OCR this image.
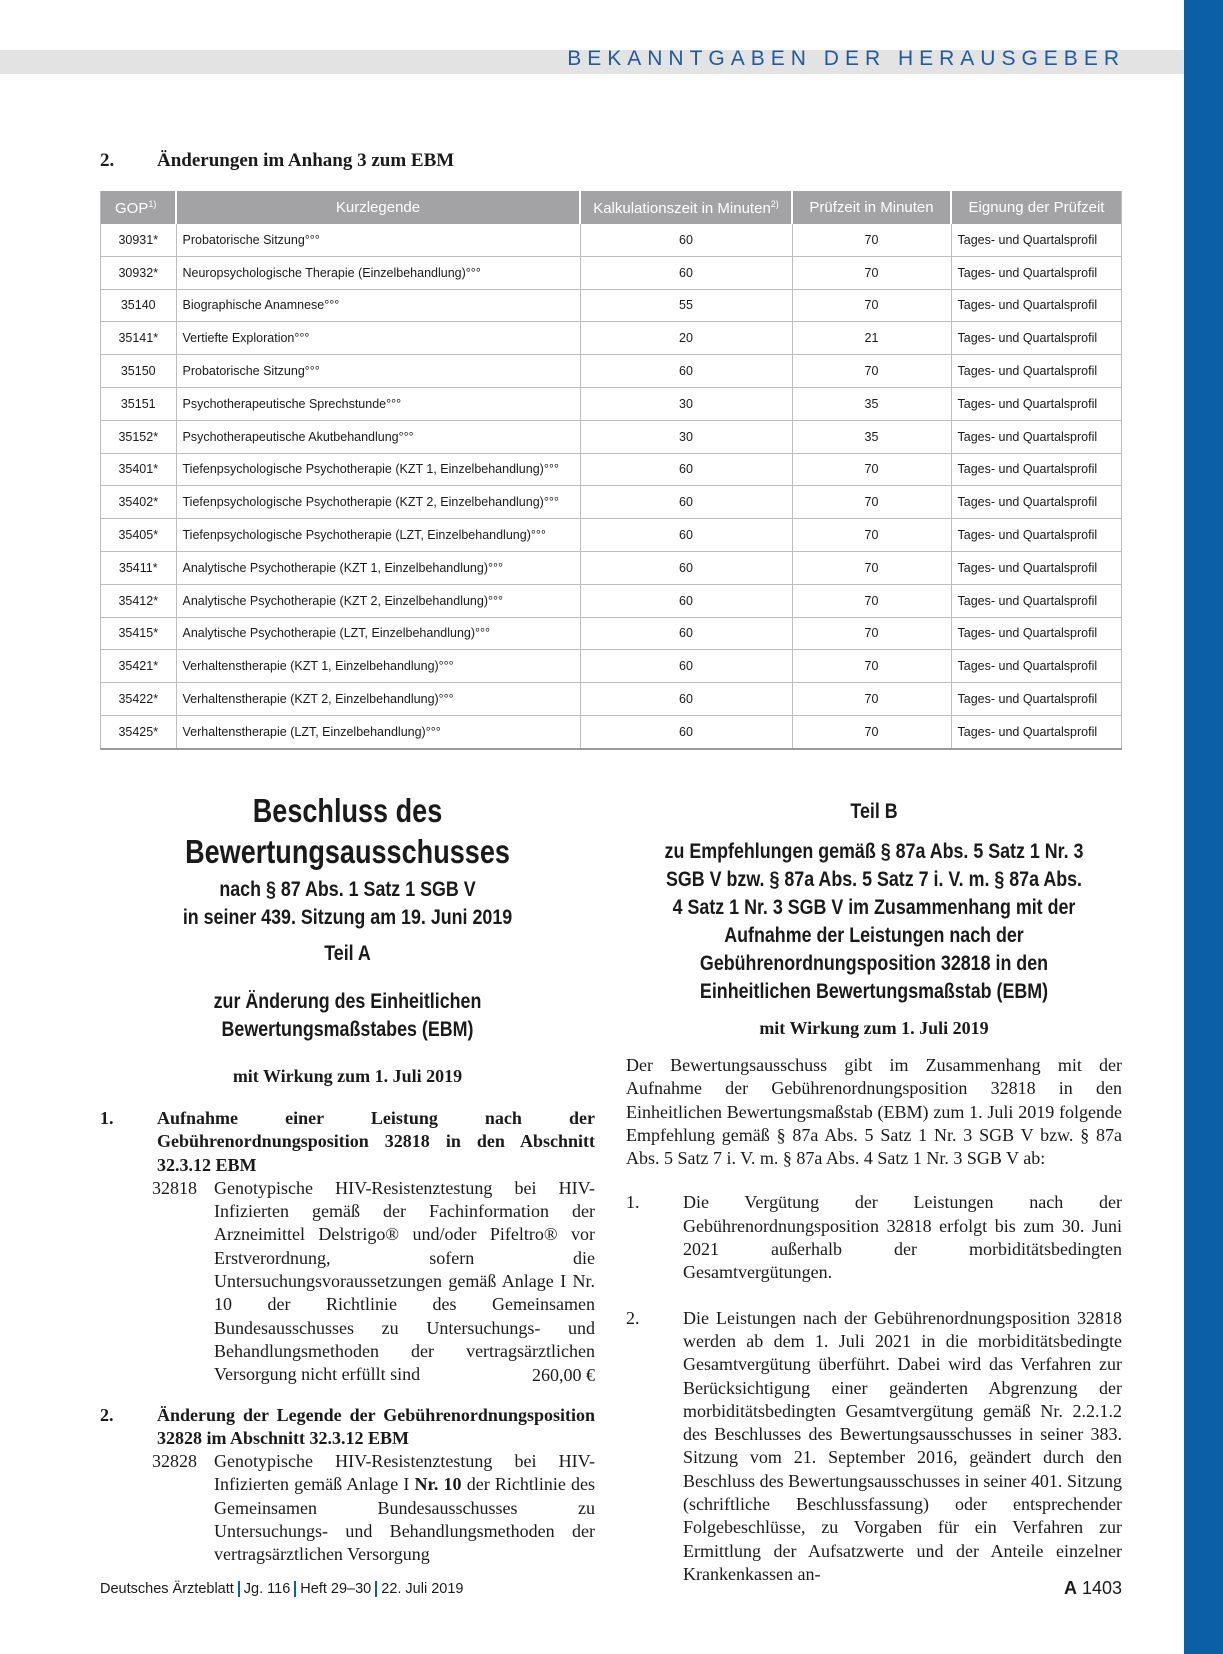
BEKANNTGABEN DER HERAUSGEBER
2. Änderungen im Anhang 3 zum EBM
GOP$^{1)}$	Kurzlegende	Kalkulationszeit in Minuten$^{2)}$	Prüfzeit in Minuten	Eignung der Prüfzeit
30931*	Probatorische Sitzung°°°	60	70	Tages- und Quartalsprofil
30932*	Neuropsychologische Therapie (Einzelbehandlung)°°°	60	70	Tages- und Quartalsprofil
35140	Biographische Anamnese°°°	55	70	Tages- und Quartalsprofil
35141*	Vertiefte Exploration°°°	20	21	Tages- und Quartalsprofil
35150	Probatorische Sitzung°°°	60	70	Tages- und Quartalsprofil
35151	Psychotherapeutische Sprechstunde°°°	30	35	Tages- und Quartalsprofil
35152*	Psychotherapeutische Akutbehandlung°°°	30	35	Tages- und Quartalsprofil
35401*	Tiefenpsychologische Psychotherapie (KZT 1, Einzelbehandlung)°°°	60	70	Tages- und Quartalsprofil
35402*	Tiefenpsychologische Psychotherapie (KZT 2, Einzelbehandlung)°°°	60	70	Tages- und Quartalsprofil
35405*	Tiefenpsychologische Psychotherapie (LZT, Einzelbehandlung)°°°	60	70	Tages- und Quartalsprofil
35411*	Analytische Psychotherapie (KZT 1, Einzelbehandlung)°°°	60	70	Tages- und Quartalsprofil
35412*	Analytische Psychotherapie (KZT 2, Einzelbehandlung)°°°	60	70	Tages- und Quartalsprofil
35415*	Analytische Psychotherapie (LZT, Einzelbehandlung)°°°	60	70	Tages- und Quartalsprofil
35421*	Verhaltenstherapie (KZT 1, Einzelbehandlung)°°°	60	70	Tages- und Quartalsprofil
35422*	Verhaltenstherapie (KZT 2, Einzelbehandlung)°°°	60	70	Tages- und Quartalsprofil
35425*	Verhaltenstherapie (LZT, Einzelbehandlung)°°°	60	70	Tages- und Quartalsprofil
Beschluss des
Bewertungsausschusses
nach § 87 Abs. 1 Satz 1 SGB V
in seiner 439. Sitzung am 19. Juni 2019
Teil A
zur Änderung des Einheitlichen Bewertungsmaßstabes (EBM)
mit Wirkung zum 1. Juli 2019
1. Aufnahme einer Leistung nach der Gebührenordnungsposition 32818 in den Abschnitt 32.3.12 EBM
32818 Genotypische HIV-Resistenztestung bei HIV-Infizierten gemäß der Fachinformation der Arzneimittel Delstrigo® und/oder Pifeltro® vor Erstverordnung, sofern die Untersuchungsvoraussetzungen gemäß Anlage I Nr. 10 der Richtlinie des Gemeinsamen Bundesausschusses zu Untersuchungs- und Behandlungsmethoden der vertragsärztlichen Versorgung nicht erfüllt sind	260,00 €
2. Änderung der Legende der Gebührenordnungsposition 32828 im Abschnitt 32.3.12 EBM
32828 Genotypische HIV-Resistenztestung bei HIV-Infizierten gemäß Anlage I Nr. 10 der Richtlinie des Gemeinsamen Bundesausschusses zu Untersuchungs- und Behandlungsmethoden der vertragsärztlichen Versorgung
Teil B
zu Empfehlungen gemäß § 87a Abs. 5 Satz 1 Nr. 3 SGB V bzw. § 87a Abs. 5 Satz 7 i. V. m. § 87a Abs. 4 Satz 1 Nr. 3 SGB V im Zusammenhang mit der Aufnahme der Leistungen nach der Gebührenordnungsposition 32818 in den Einheitlichen Bewertungsmaßstab (EBM)
mit Wirkung zum 1. Juli 2019
Der Bewertungsausschuss gibt im Zusammenhang mit der Aufnahme der Gebührenordnungsposition 32818 in den Einheitlichen Bewertungsmaßstab (EBM) zum 1. Juli 2019 folgende Empfehlung gemäß § 87a Abs. 5 Satz 1 Nr. 3 SGB V bzw. § 87a Abs. 5 Satz 7 i. V. m. § 87a Abs. 4 Satz 1 Nr. 3 SGB V ab:
1. Die Vergütung der Leistungen nach der Gebührenordnungsposition 32818 erfolgt bis zum 30. Juni 2021 außerhalb der morbiditätsbedingten Gesamtvergütungen.
2. Die Leistungen nach der Gebührenordnungsposition 32818 werden ab dem 1. Juli 2021 in die morbiditätsbedingte Gesamtvergütung überführt. Dabei wird das Verfahren zur Berücksichtigung einer geänderten Abgrenzung der morbiditätsbedingten Gesamtvergütung gemäß Nr. 2.2.1.2 des Beschlusses des Bewertungsausschusses in seiner 383. Sitzung vom 21. September 2016, geändert durch den Beschluss des Bewertungsausschusses in seiner 401. Sitzung (schriftliche Beschlussfassung) oder entsprechender Folgebeschlüsse, zu Vorgaben für ein Verfahren zur Ermittlung der Aufsatzwerte und der Anteile einzelner Krankenkassen an-
Deutsches Ärzteblatt Jg. 116 Heft 29–30 22. Juli 2019	A 1403
